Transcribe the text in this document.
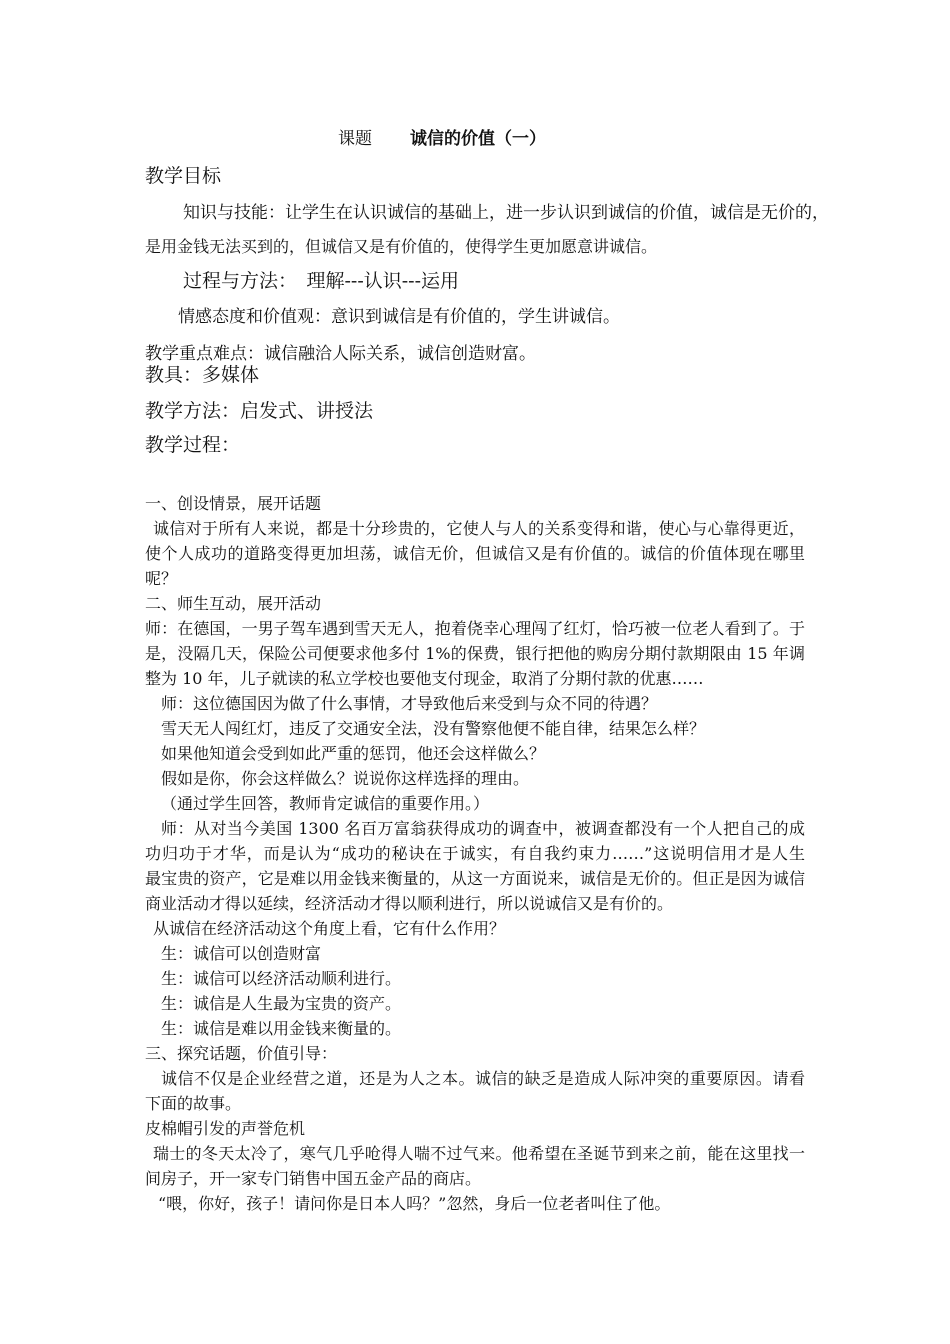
课题 诚信的价值（一）
教学目标
知识与技能：让学生在认识诚信的基础上，进一步认识到诚信的价值，诚信是无价的，
是用金钱无法买到的，但诚信又是有价值的，使得学生更加愿意讲诚信。
过程与方法：　理解---认识---运用
情感态度和价值观：意识到诚信是有价值的，学生讲诚信。
教学重点难点：诚信融洽人际关系，诚信创造财富。
教具：多媒体
教学方法：启发式、讲授法
教学过程：
一、创设情景，展开话题
诚信对于所有人来说，都是十分珍贵的，它使人与人的关系变得和谐，使心与心靠得更近，
使个人成功的道路变得更加坦荡，诚信无价，但诚信又是有价值的。诚信的价值体现在哪里
呢？
二、师生互动，展开活动
师：在德国，一男子驾车遇到雪天无人，抱着侥幸心理闯了红灯，恰巧被一位老人看到了。于
是，没隔几天，保险公司便要求他多付 1%的保费，银行把他的购房分期付款期限由 15 年调
整为 10 年，儿子就读的私立学校也要他支付现金，取消了分期付款的优惠……
师：这位德国因为做了什么事情，才导致他后来受到与众不同的待遇？
雪天无人闯红灯，违反了交通安全法，没有警察他便不能自律，结果怎么样？
如果他知道会受到如此严重的惩罚，他还会这样做么？
假如是你，你会这样做么？说说你这样选择的理由。
（通过学生回答，教师肯定诚信的重要作用。）
师：从对当今美国 1300 名百万富翁获得成功的调查中，被调查都没有一个人把自己的成
功归功于才华，而是认为“成功的秘诀在于诚实，有自我约束力……”这说明信用才是人生
最宝贵的资产，它是难以用金钱来衡量的，从这一方面说来，诚信是无价的。但正是因为诚信
商业活动才得以延续，经济活动才得以顺利进行，所以说诚信又是有价的。
从诚信在经济活动这个角度上看，它有什么作用？
生：诚信可以创造财富
生：诚信可以经济活动顺利进行。
生：诚信是人生最为宝贵的资产。
生：诚信是难以用金钱来衡量的。
三、探究话题，价值引导：
诚信不仅是企业经营之道，还是为人之本。诚信的缺乏是造成人际冲突的重要原因。请看
下面的故事。
皮棉帽引发的声誉危机
瑞士的冬天太冷了，寒气几乎呛得人喘不过气来。他希望在圣诞节到来之前，能在这里找一
间房子，开一家专门销售中国五金产品的商店。
“喂，你好，孩子！请问你是日本人吗？”忽然，身后一位老者叫住了他。
